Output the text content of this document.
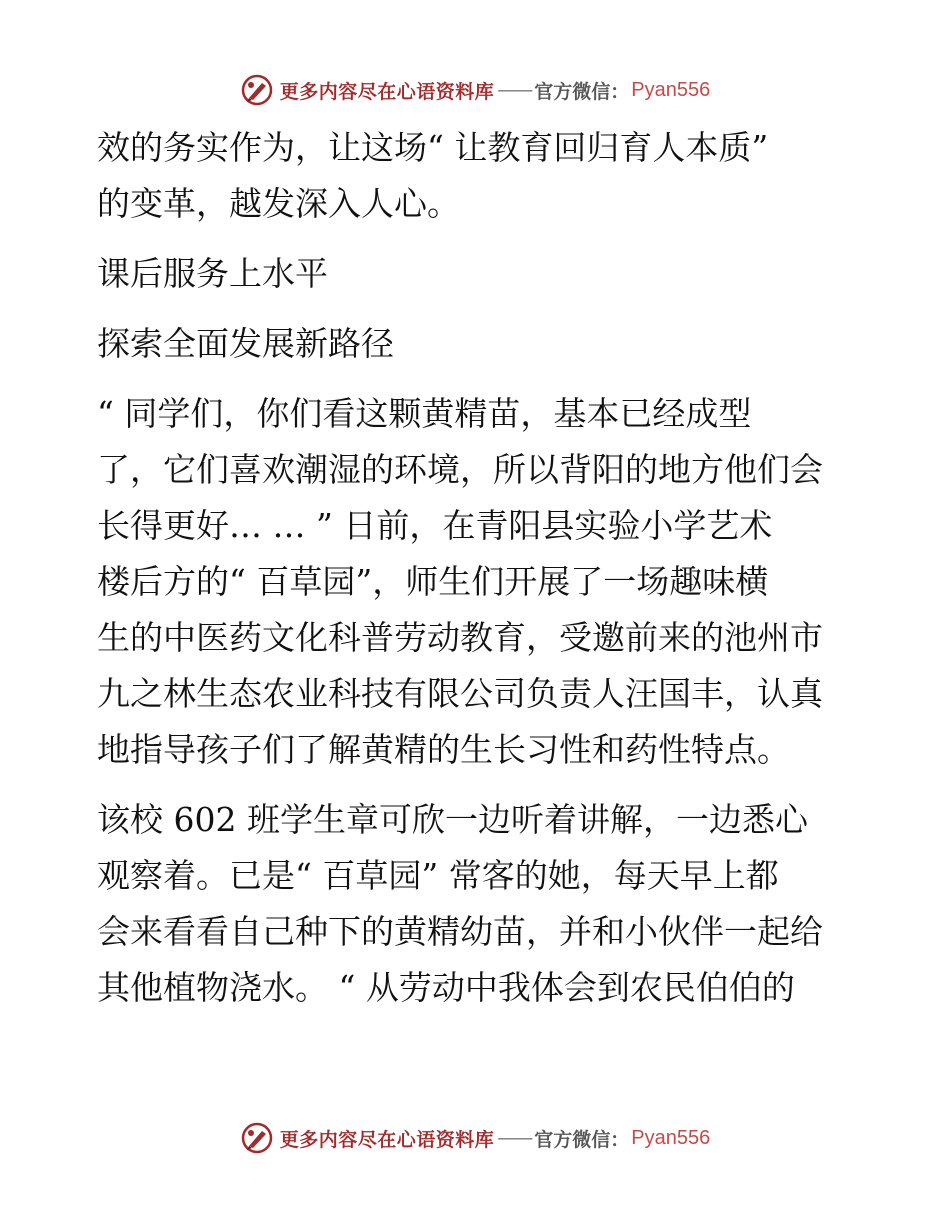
更多内容尽在心语资料库 —— 官方微信： Pyan556

效的务实作为，让这场“ 让教育回归育人本质”
的变革，越发深入人心。

课后服务上水平

探索全面发展新路径

“ 同学们，你们看这颗黄精苗，基本已经成型
了，它们喜欢潮湿的环境，所以背阳的地方他们会
长得更好… … ” 日前，在青阳县实验小学艺术
楼后方的“ 百草园”，师生们开展了一场趣味横
生的中医药文化科普劳动教育，受邀前来的池州市
九之林生态农业科技有限公司负责人汪国丰，认真
地指导孩子们了解黄精的生长习性和药性特点。

该校 602 班学生章可欣一边听着讲解，一边悉心
观察着。已是“ 百草园” 常客的她，每天早上都
会来看看自己种下的黄精幼苗，并和小伙伴一起给
其他植物浇水。 “ 从劳动中我体会到农民伯伯的

更多内容尽在心语资料库 —— 官方微信： Pyan556
